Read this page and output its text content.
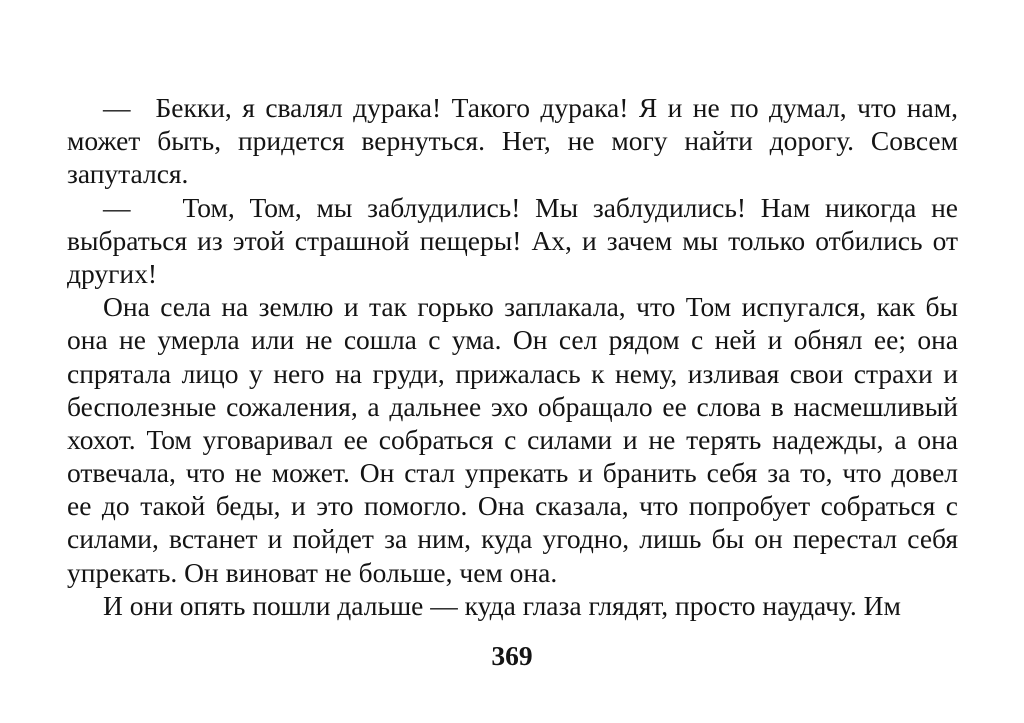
— Бекки, я свалял дурака! Такого дурака! Я и не по думал, что нам,
может быть, придется вернуться. Нет, не могу найти дорогу. Совсем
запутался.
— Том, Том, мы заблудились! Мы заблудились! Нам никогда не
выбраться из этой страшной пещеры! Ах, и зачем мы только отбились от
других!
Она села на землю и так горько заплакала, что Том испугался, как бы
она не умерла или не сошла с ума. Он сел рядом с ней и обнял ее; она
спрятала лицо у него на груди, прижалась к нему, изливая свои страхи и
бесполезные сожаления, а дальнее эхо обращало ее слова в насмешливый
хохот. Том уговаривал ее собраться с силами и не терять надежды, а она
отвечала, что не может. Он стал упрекать и бранить себя за то, что довел
ее до такой беды, и это помогло. Она сказала, что попробует собраться с
силами, встанет и пойдет за ним, куда угодно, лишь бы он перестал себя
упрекать. Он виноват не больше, чем она.
И они опять пошли дальше — куда глаза глядят, просто наудачу. Им
369
